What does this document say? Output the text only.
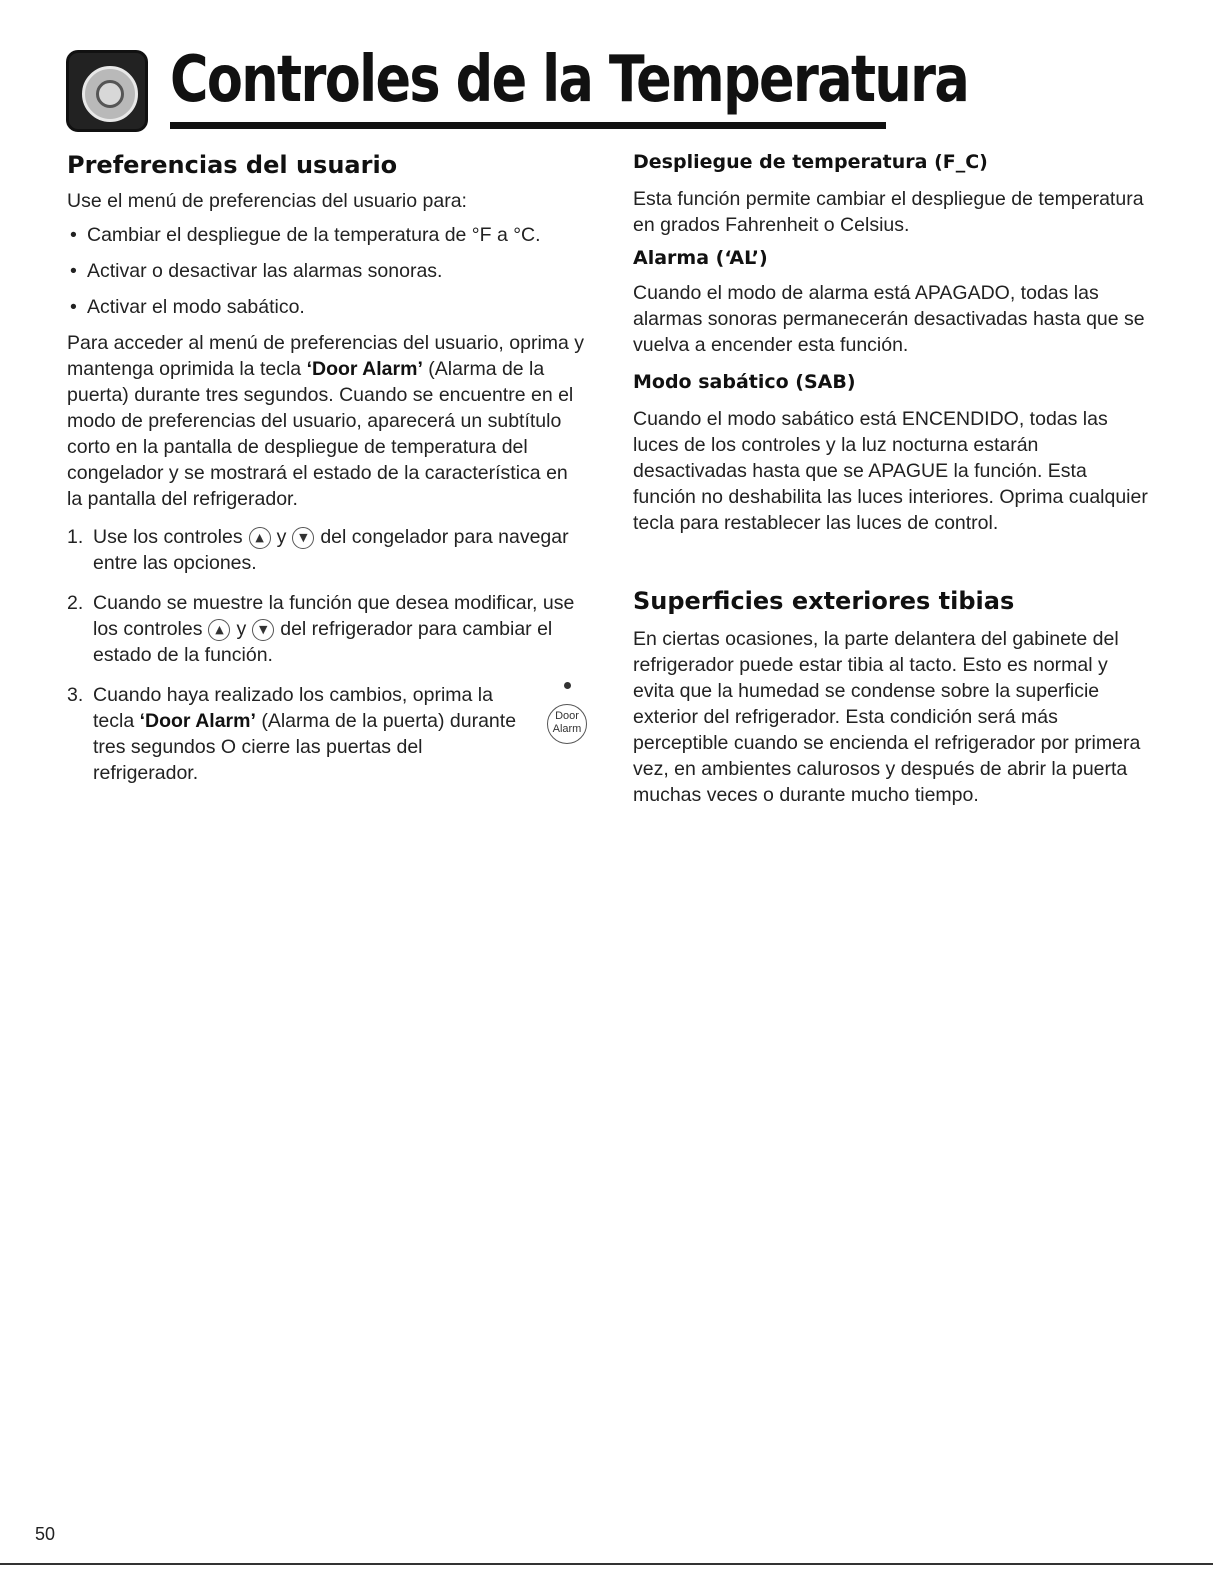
Controles de la Temperatura
Preferencias del usuario

Use el menú de preferencias del usuario para:

• Cambiar el despliegue de la temperatura de °F a °C.
• Activar o desactivar las alarmas sonoras.
• Activar el modo sabático.

Para acceder al menú de preferencias del usuario, oprima y mantenga oprimida la tecla ‘Door Alarm’ (Alarma de la puerta) durante tres segundos. Cuando se encuentre en el modo de preferencias del usuario, aparecerá un subtítulo corto en la pantalla de despliegue de temperatura del congelador y se mostrará el estado de la característica en la pantalla del refrigerador.

1. Use los controles ▲ y ▼ del congelador para navegar entre las opciones.
2. Cuando se muestre la función que desea modificar, use los controles ▲ y ▼ del refrigerador para cambiar el estado de la función.
3. Cuando haya realizado los cambios, oprima la tecla ‘Door Alarm’ (Alarma de la puerta) durante tres segundos O cierre las puertas del refrigerador.
Door
Alarm
Despliegue de temperatura (F_C)

Esta función permite cambiar el despliegue de temperatura en grados Fahrenheit o Celsius.

Alarma (‘AL’)

Cuando el modo de alarma está APAGADO, todas las alarmas sonoras permanecerán desactivadas hasta que se vuelva a encender esta función.

Modo sabático (SAB)

Cuando el modo sabático está ENCENDIDO, todas las luces de los controles y la luz nocturna estarán desactivadas hasta que se APAGUE la función. Esta función no deshabilita las luces interiores. Oprima cualquier tecla para restablecer las luces de control.

Superficies exteriores tibias

En ciertas ocasiones, la parte delantera del gabinete del refrigerador puede estar tibia al tacto. Esto es normal y evita que la humedad se condense sobre la superficie exterior del refrigerador. Esta condición será más perceptible cuando se encienda el refrigerador por primera vez, en ambientes calurosos y después de abrir la puerta muchas veces o durante mucho tiempo.

50
